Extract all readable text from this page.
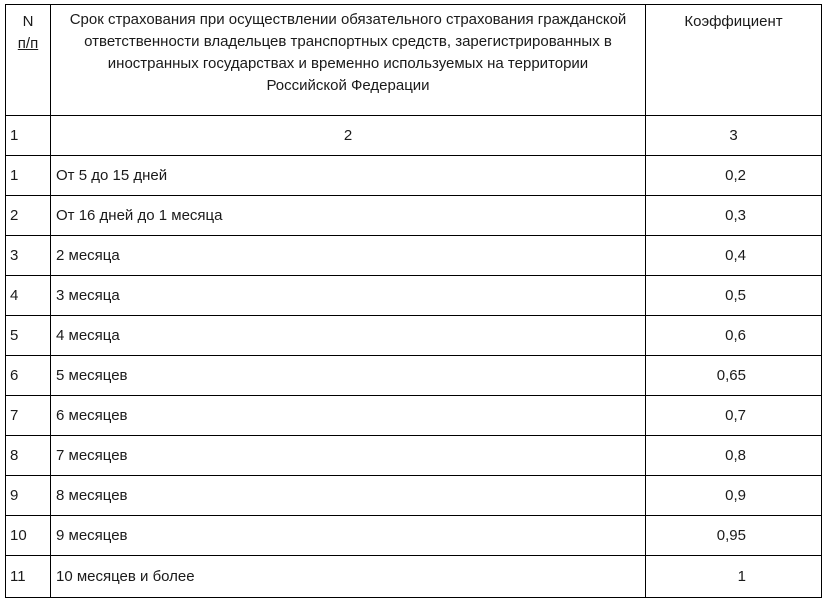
N
п/п	Срок страхования при осуществлении обязательного страхования гражданской ответственности владельцев транспортных средств, зарегистрированных в иностранных государствах и временно используемых на территории Российской Федерации	Коэффициент
1	2	3
1	От 5 до 15 дней	0,2
2	От 16 дней до 1 месяца	0,3
3	2 месяца	0,4
4	3 месяца	0,5
5	4 месяца	0,6
6	5 месяцев	0,65
7	6 месяцев	0,7
8	7 месяцев	0,8
9	8 месяцев	0,9
10	9 месяцев	0,95
11	10 месяцев и более	1
